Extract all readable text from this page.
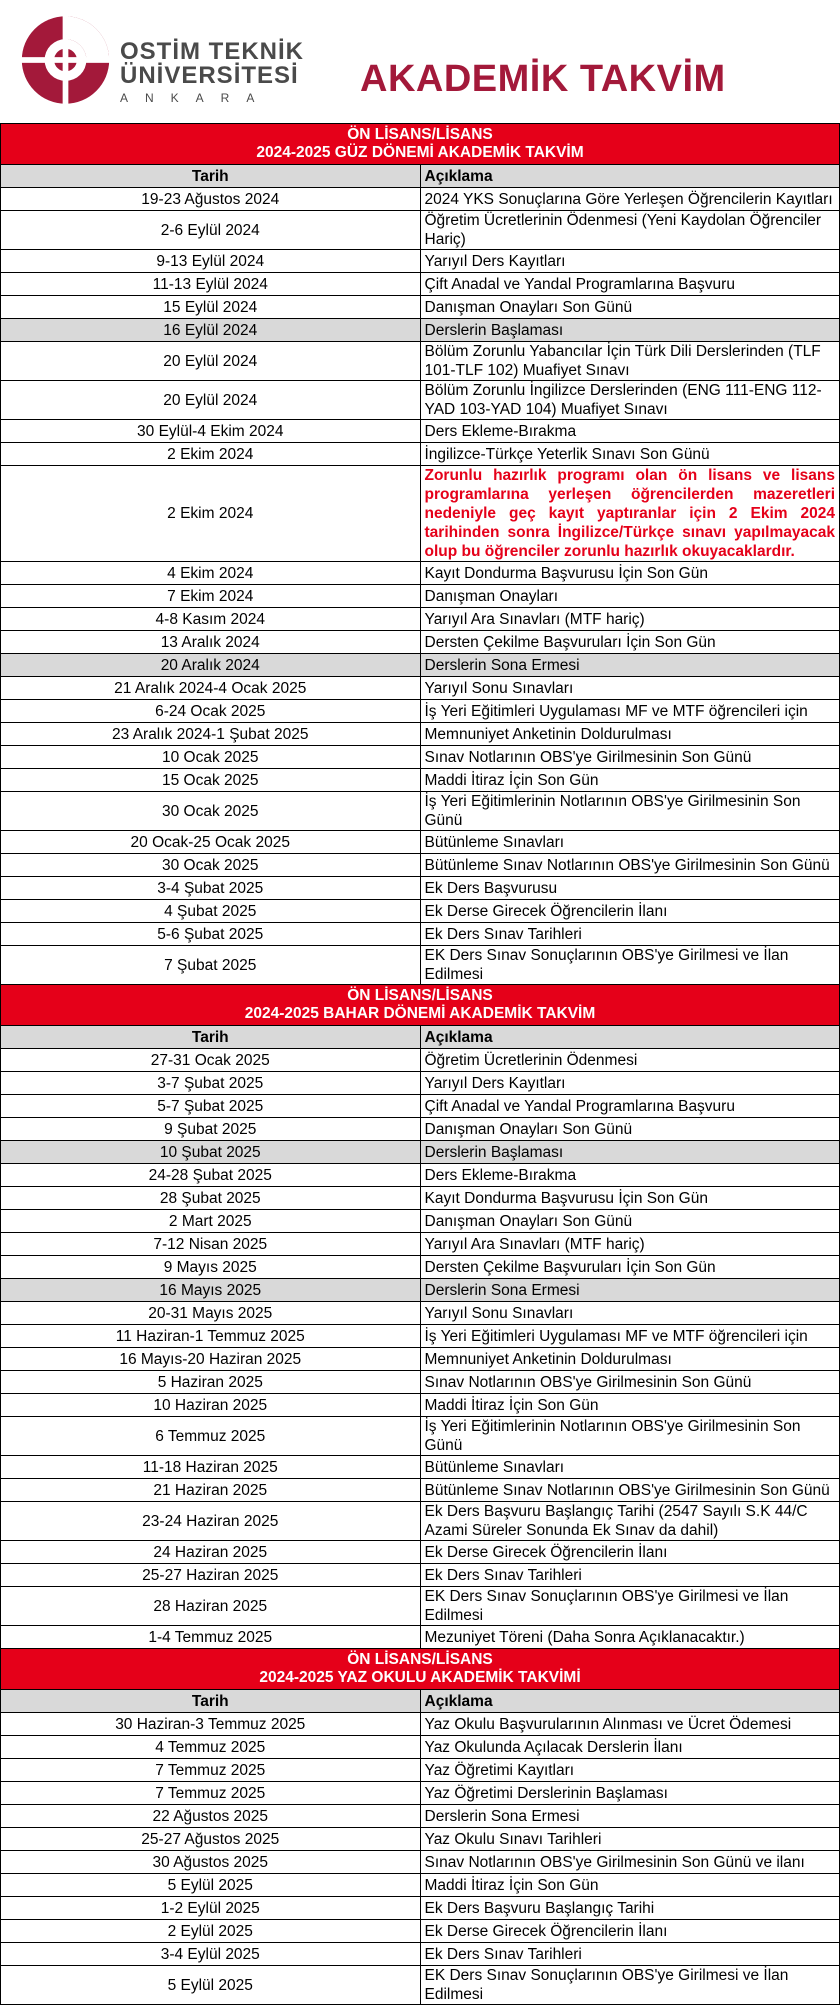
OSTİM TEKNİK
ÜNİVERSİTESİ
ANKARA	AKADEMİK TAKVİM
ÖN LİSANS/LİSANS
2024-2025 GÜZ DÖNEMİ AKADEMİK TAKVİM	

Tarih	Açıklama
19-23 Ağustos 2024	2024 YKS Sonuçlarına Göre Yerleşen Öğrencilerin Kayıtları
2-6 Eylül 2024	Öğretim Ücretlerinin Ödenmesi (Yeni Kaydolan Öğrenciler Hariç)
9-13 Eylül 2024	Yarıyıl Ders Kayıtları
11-13 Eylül 2024	Çift Anadal ve Yandal Programlarına Başvuru
15 Eylül 2024	Danışman Onayları Son Günü
16 Eylül 2024	Derslerin Başlaması
20 Eylül 2024	Bölüm Zorunlu Yabancılar İçin Türk Dili Derslerinden (TLF 101-TLF 102) Muafiyet Sınavı
20 Eylül 2024	Bölüm Zorunlu İngilizce Derslerinden (ENG 111-ENG 112-YAD 103-YAD 104) Muafiyet Sınavı
30 Eylül-4 Ekim 2024	Ders Ekleme-Bırakma
2 Ekim 2024	İngilizce-Türkçe Yeterlik Sınavı Son Günü
2 Ekim 2024	Zorunlu hazırlık programı olan ön lisans ve lisans programlarına yerleşen öğrencilerden mazeretleri nedeniyle geç kayıt yaptıranlar için 2 Ekim 2024 tarihinden sonra İngilizce/Türkçe sınavı yapılmayacak olup bu öğrenciler zorunlu hazırlık okuyacaklardır.
4 Ekim 2024	Kayıt Dondurma Başvurusu İçin Son Gün
7 Ekim 2024	Danışman Onayları
4-8 Kasım 2024	Yarıyıl Ara Sınavları (MTF hariç)
13 Aralık 2024	Dersten Çekilme Başvuruları İçin Son Gün
20 Aralık 2024	Derslerin Sona Ermesi
21 Aralık 2024-4 Ocak 2025	Yarıyıl Sonu Sınavları
6-24 Ocak 2025	İş Yeri Eğitimleri Uygulaması MF ve MTF öğrencileri için
23 Aralık 2024-1 Şubat 2025	Memnuniyet Anketinin Doldurulması
10 Ocak 2025	Sınav Notlarının OBS'ye Girilmesinin Son Günü
15 Ocak 2025	Maddi İtiraz İçin Son Gün
30 Ocak 2025	İş Yeri Eğitimlerinin Notlarının OBS'ye Girilmesinin Son Günü
20 Ocak-25 Ocak 2025	Bütünleme Sınavları
30 Ocak 2025	Bütünleme Sınav Notlarının OBS'ye Girilmesinin Son Günü
3-4 Şubat 2025	Ek Ders Başvurusu
4 Şubat 2025	Ek Derse Girecek Öğrencilerin İlanı
5-6 Şubat 2025	Ek Ders Sınav Tarihleri
7 Şubat 2025	EK Ders Sınav Sonuçlarının OBS'ye Girilmesi ve İlan Edilmesi

ÖN LİSANS/LİSANS
2024-2025 BAHAR DÖNEMİ AKADEMİK TAKVİM	

Tarih	Açıklama
27-31 Ocak 2025	Öğretim Ücretlerinin Ödenmesi
3-7 Şubat 2025	Yarıyıl Ders Kayıtları
5-7 Şubat 2025	Çift Anadal ve Yandal Programlarına Başvuru
9 Şubat 2025	Danışman Onayları Son Günü
10 Şubat 2025	Derslerin Başlaması
24-28 Şubat 2025	Ders Ekleme-Bırakma
28 Şubat 2025	Kayıt Dondurma Başvurusu İçin Son Gün
2 Mart 2025	Danışman Onayları Son Günü
7-12 Nisan 2025	Yarıyıl Ara Sınavları (MTF hariç)
9 Mayıs 2025	Dersten Çekilme Başvuruları İçin Son Gün
16 Mayıs 2025	Derslerin Sona Ermesi
20-31 Mayıs 2025	Yarıyıl Sonu Sınavları
11 Haziran-1 Temmuz 2025	İş Yeri Eğitimleri Uygulaması MF ve MTF öğrencileri için
16 Mayıs-20 Haziran 2025	Memnuniyet Anketinin Doldurulması
5 Haziran 2025	Sınav Notlarının OBS'ye Girilmesinin Son Günü
10 Haziran 2025	Maddi İtiraz İçin Son Gün
6 Temmuz 2025	İş Yeri Eğitimlerinin Notlarının OBS'ye Girilmesinin Son Günü
11-18 Haziran 2025	Bütünleme Sınavları
21 Haziran 2025	Bütünleme Sınav Notlarının OBS'ye Girilmesinin Son Günü
23-24 Haziran 2025	Ek Ders Başvuru Başlangıç Tarihi (2547 Sayılı S.K 44/C Azami Süreler Sonunda Ek Sınav da dahil)
24 Haziran 2025	Ek Derse Girecek Öğrencilerin İlanı
25-27 Haziran 2025	Ek Ders Sınav Tarihleri
28 Haziran 2025	EK Ders Sınav Sonuçlarının OBS'ye Girilmesi ve İlan Edilmesi
1-4 Temmuz 2025	Mezuniyet Töreni (Daha Sonra Açıklanacaktır.)

ÖN LİSANS/LİSANS
2024-2025 YAZ OKULU AKADEMİK TAKVİMİ	

Tarih	Açıklama
30 Haziran-3 Temmuz 2025	Yaz Okulu Başvurularının Alınması ve Ücret Ödemesi
4 Temmuz 2025	Yaz Okulunda Açılacak Derslerin İlanı
7 Temmuz 2025	Yaz Öğretimi Kayıtları
7 Temmuz 2025	Yaz Öğretimi Derslerinin Başlaması
22 Ağustos 2025	Derslerin Sona Ermesi
25-27 Ağustos 2025	Yaz Okulu Sınavı Tarihleri
30 Ağustos 2025	Sınav Notlarının OBS'ye Girilmesinin Son Günü ve ilanı
5 Eylül 2025	Maddi İtiraz İçin Son Gün
1-2 Eylül 2025	Ek Ders Başvuru Başlangıç Tarihi
2 Eylül 2025	Ek Derse Girecek Öğrencilerin İlanı
3-4 Eylül 2025	Ek Ders Sınav Tarihleri
5 Eylül 2025	EK Ders Sınav Sonuçlarının OBS'ye Girilmesi ve İlan Edilmesi
